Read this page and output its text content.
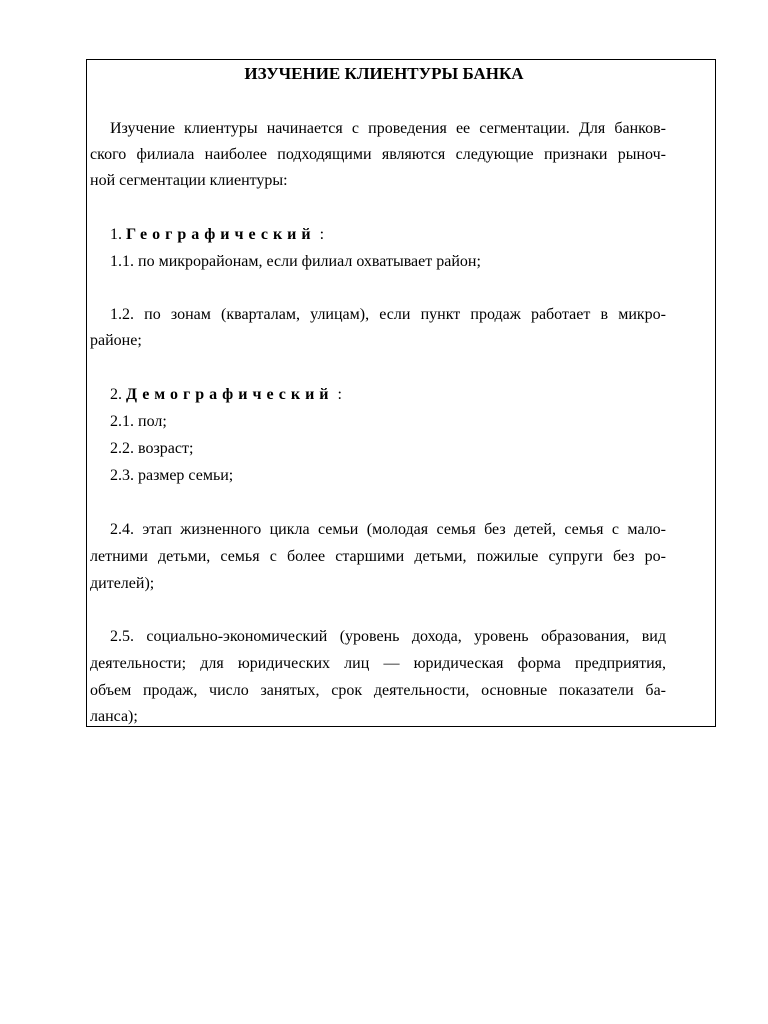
ИЗУЧЕНИЕ КЛИЕНТУРЫ БАНКА
Изучение клиентуры начинается с проведения ее сегментации. Для банков-
ского филиала наиболее подходящими являются следующие признаки рыноч-
ной сегментации клиентуры:
1. Географический :
1.1. по микрорайонам, если филиал охватывает район;
1.2. по зонам (кварталам, улицам), если пункт продаж работает в микро-
районе;
2. Демографический :
2.1. пол;
2.2. возраст;
2.3. размер семьи;
2.4. этап жизненного цикла семьи (молодая семья без детей, семья с мало-
летними детьми, семья с более старшими детьми, пожилые супруги без ро-
дителей);
2.5. социально-экономический (уровень дохода, уровень образования, вид
деятельности; для юридических лиц — юридическая форма предприятия,
объем продаж, число занятых, срок деятельности, основные показатели ба-
ланса);
